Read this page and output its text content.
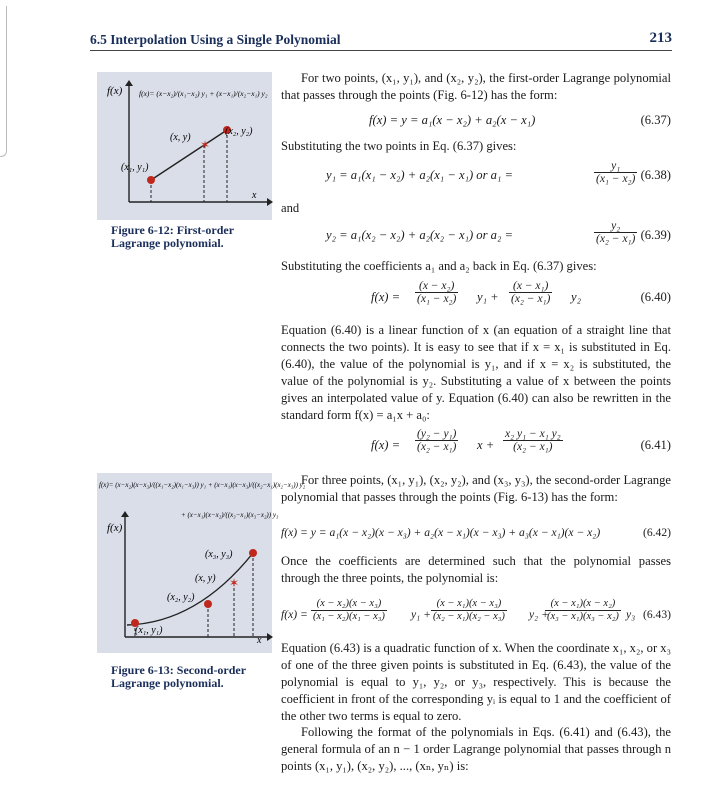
6.5 Interpolation Using a Single Polynomial	213
f(x) f(x)= (x−x₂)/(x₁−x₂) y₁ + (x−x₁)/(x₂−x₁) y₂
✶
(x₁, y₁)
(x₂, y₂)
(x, y)
x
Figure 6-12: First-order Lagrange polynomial.
f(x)
f(x)= (x−x₂)(x−x₃)/((x₁−x₂)(x₁−x₃)) y₁ + (x−x₁)(x−x₃)/((x₂−x₁)(x₂−x₃)) y₂
+ (x−x₁)(x−x₂)/((x₃−x₁)(x₃−x₂)) y₃
✶
(x₁, y₁)
(x₂, y₂)
(x₃, y₃)
(x, y)
x
Figure 6-13: Second-order Lagrange polynomial.
For two points, (x₁, y₁), and (x₂, y₂), the first-order Lagrange polynomial that passes through the points (Fig. 6-12) has the form:
f(x) = y = a₁(x − x₂) + a₂(x − x₁)	(6.37)
Substituting the two points in Eq. (6.37) gives:
y₁ = a₁(x₁ − x₂) + a₂(x₁ − x₁) or a₁ =	$\frac{\text{y₁}}{\text{(x₁ − x₂)}} (6.38)$
and
y₂ = a₁(x₂ − x₂) + a₂(x₂ − x₁) or a₂ =	$\frac{\text{y₂}}{\text{(x₂ − x₁)}} (6.39)$
Substituting the coefficients a₁ and a₂ back in Eq. (6.37) gives:
$f(x) = \frac{\text{(x − x₂)}}{\text{(x₁ − x₂)}} y_1 + \frac{\text{(x − x₁)}}{\text{(x₂ − x₁)}} y_2$	(6.40)
Equation (6.40) is a linear function of x (an equation of a straight line that connects the two points). It is easy to see that if x = x₁ is substituted in Eq. (6.40), the value of the polynomial is y₁, and if x = x₂ is substituted, the value of the polynomial is y₂. Substituting a value of x between the points gives an interpolated value of y. Equation (6.40) can also be rewritten in the standard form f(x) = a₁x + a₀:
$f(x) = \frac{\text{(y₂ − y₁)}}{\text{(x₂ − x₁)}}$ $x + \frac{\text{x₂ y₁ − x₁ y₂}}{\text{(x₂ − x₁)}}$	(6.41)
For three points, (x₁, y₁), (x₂, y₂), and (x₃, y₃), the second-order Lagrange polynomial that passes through the points (Fig. 6-13) has the form:
f(x) = y = a₁(x − x₂)(x − x₃) + a₂(x − x₁)(x − x₃) + a₃(x − x₁)(x − x₂)	(6.42)
Once the coefficients are determined such that the polynomial passes through the three points, the polynomial is:
$f(x) = \frac{\text{(x − x₂)(x − x₃)}}{\text{(x₁ − x₂)(x₁ − x₃)}} y_1 + \frac{\text{(x − x₁)(x − x₃)}}{\text{(x₂ − x₁)(x₂ − x₃)}} y_2$ +
$\frac{\text{(x − x₁)(x − x₂)}}{\text{(x₃ − x₁)(x₃ − x₂)}} y_3$ (6.43)
Equation (6.43) is a quadratic function of x. When the coordinate x₁, x₂, or x₃ of one of the three given points is substituted in Eq. (6.43), the value of the polynomial is equal to y₁, y₂, or y₃, respectively. This is because the coefficient in front of the corresponding yᵢ is equal to 1 and the coefficient of the other two terms is equal to zero.
Following the format of the polynomials in Eqs. (6.41) and (6.43), the general formula of an n − 1 order Lagrange polynomial that passes through n points (x₁, y₁), (x₂, y₂), ..., (xₙ, yₙ) is:
